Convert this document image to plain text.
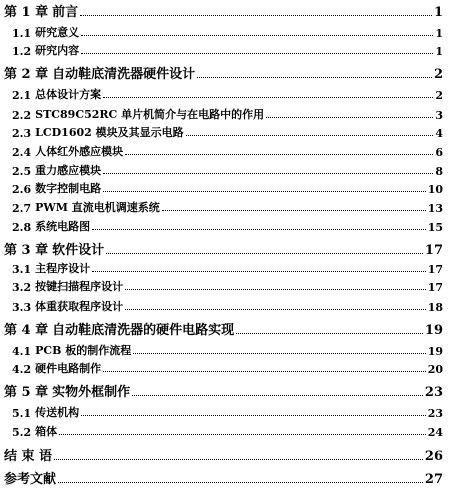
第 1 章 前言	1
1.1 研究意义	1
1.2 研究内容	1
第 2 章 自动鞋底清洗器硬件设计	2
2.1 总体设计方案	2
2.2 STC89C52RC 单片机简介与在电路中的作用	3
2.3 LCD1602 模块及其显示电路	4
2.4 人体红外感应模块	6
2.5 重力感应模块	8
2.6 数字控制电路	10
2.7 PWM 直流电机调速系统	13
2.8 系统电路图	15
第 3 章 软件设计	17
3.1 主程序设计	17
3.2 按键扫描程序设计	17
3.3 体重获取程序设计	18
第 4 章 自动鞋底清洗器的硬件电路实现	19
4.1 PCB 板的制作流程	19
4.2 硬件电路制作	20
第 5 章 实物外框制作	23
5.1 传送机构	23
5.2 箱体	24
结 束 语	26
参考文献	27
